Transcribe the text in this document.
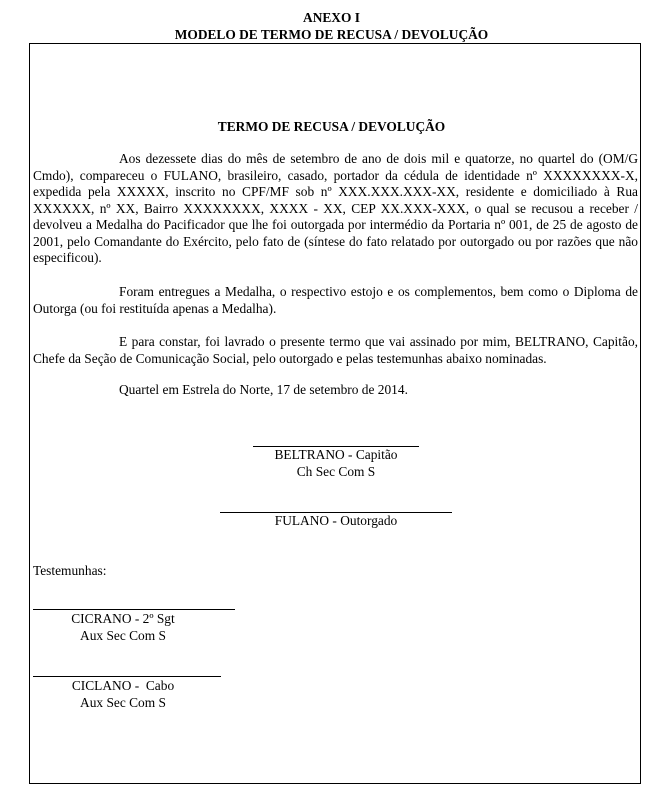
ANEXO I
MODELO DE TERMO DE RECUSA / DEVOLUÇÃO
TERMO DE RECUSA / DEVOLUÇÃO
Aos dezessete dias do mês de setembro de ano de dois mil e quatorze, no quartel do (OM/G Cmdo), compareceu o FULANO, brasileiro, casado, portador da cédula de identidade nº XXXXXXXX-X, expedida pela XXXXX, inscrito no CPF/MF sob nº XXX.XXX.XXX-XX, residente e domiciliado à Rua XXXXXX, nº XX, Bairro XXXXXXXX, XXXX - XX, CEP XX.XXX-XXX, o qual se recusou a receber / devolveu a Medalha do Pacificador que lhe foi outorgada por intermédio da Portaria nº 001, de 25 de agosto de 2001, pelo Comandante do Exército, pelo fato de (síntese do fato relatado por outorgado ou por razões que não especificou).
Foram entregues a Medalha, o respectivo estojo e os complementos, bem como o Diploma de Outorga (ou foi restituída apenas a Medalha).
E para constar, foi lavrado o presente termo que vai assinado por mim, BELTRANO, Capitão, Chefe da Seção de Comunicação Social, pelo outorgado e pelas testemunhas abaixo nominadas.
Quartel em Estrela do Norte, 17 de setembro de 2014.
BELTRANO - Capitão
Ch Sec Com S
FULANO - Outorgado
Testemunhas:
CICRANO - 2º Sgt
Aux Sec Com S
CICLANO -  Cabo
Aux Sec Com S
